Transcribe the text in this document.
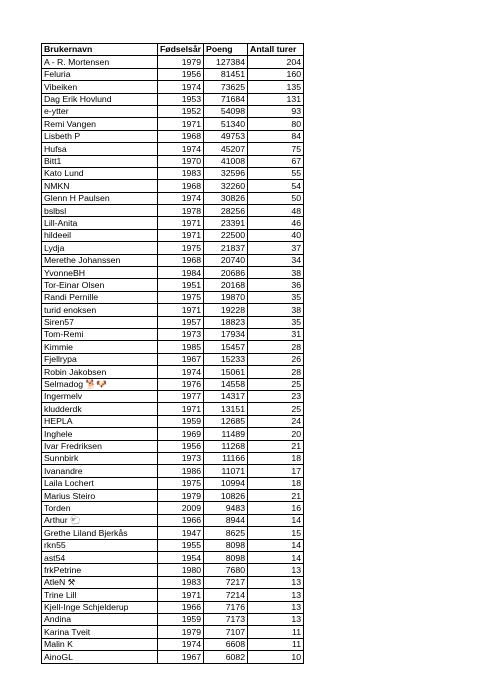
Brukernavn	Fødselsår	Poeng	Antall turer
A - R. Mortensen	1979	127384	204
Feluria	1956	81451	160
Vibeiken	1974	73625	135
Dag Erik Hovlund	1953	71684	131
e-ytter	1952	54098	93
Remi Vangen	1971	51340	80
Lisbeth P	1968	49753	84
Hufsa	1974	45207	75
Bitt1	1970	41008	67
Kato Lund	1983	32596	55
NMKN	1968	32260	54
Glenn H Paulsen	1974	30826	50
bslbsl	1978	28256	48
Lill-Anita	1971	23391	46
hildeeil	1971	22500	40
Lydja	1975	21837	37
Merethe Johanssen	1968	20740	34
YvonneBH	1984	20686	38
Tor-Einar Olsen	1951	20168	36
Randi Pernille	1975	19870	35
turid enoksen	1971	19228	38
Siren57	1957	18823	35
Tom-Remi	1973	17934	31
Kimmie	1985	15457	28
Fjellrypa	1967	15233	26
Robin Jakobsen	1974	15061	28
Selmadog 🐕🐶	1976	14558	25
Ingermelv	1977	14317	23
kludderdk	1971	13151	25
HEPLA	1959	12685	24
Inghele	1969	11489	20
Ivar Fredriksen	1956	11268	21
Sunnbirk	1973	11166	18
Ivanandre	1986	11071	17
Laila Lochert	1975	10994	18
Marius Steiro	1979	10826	21
Torden	2009	9483	16
Arthur 🐑	1966	8944	14
Grethe Liland Bjerkås	1947	8625	15
rkn55	1955	8098	14
ast54	1954	8098	14
frkPetrine	1980	7680	13
AtleN ⚒	1983	7217	13
Trine Lill	1971	7214	13
Kjell-Inge Schjelderup	1966	7176	13
Andina	1959	7173	13
Karina Tveit	1979	7107	11
Malin K	1974	6608	11
AinoGL	1967	6082	10
